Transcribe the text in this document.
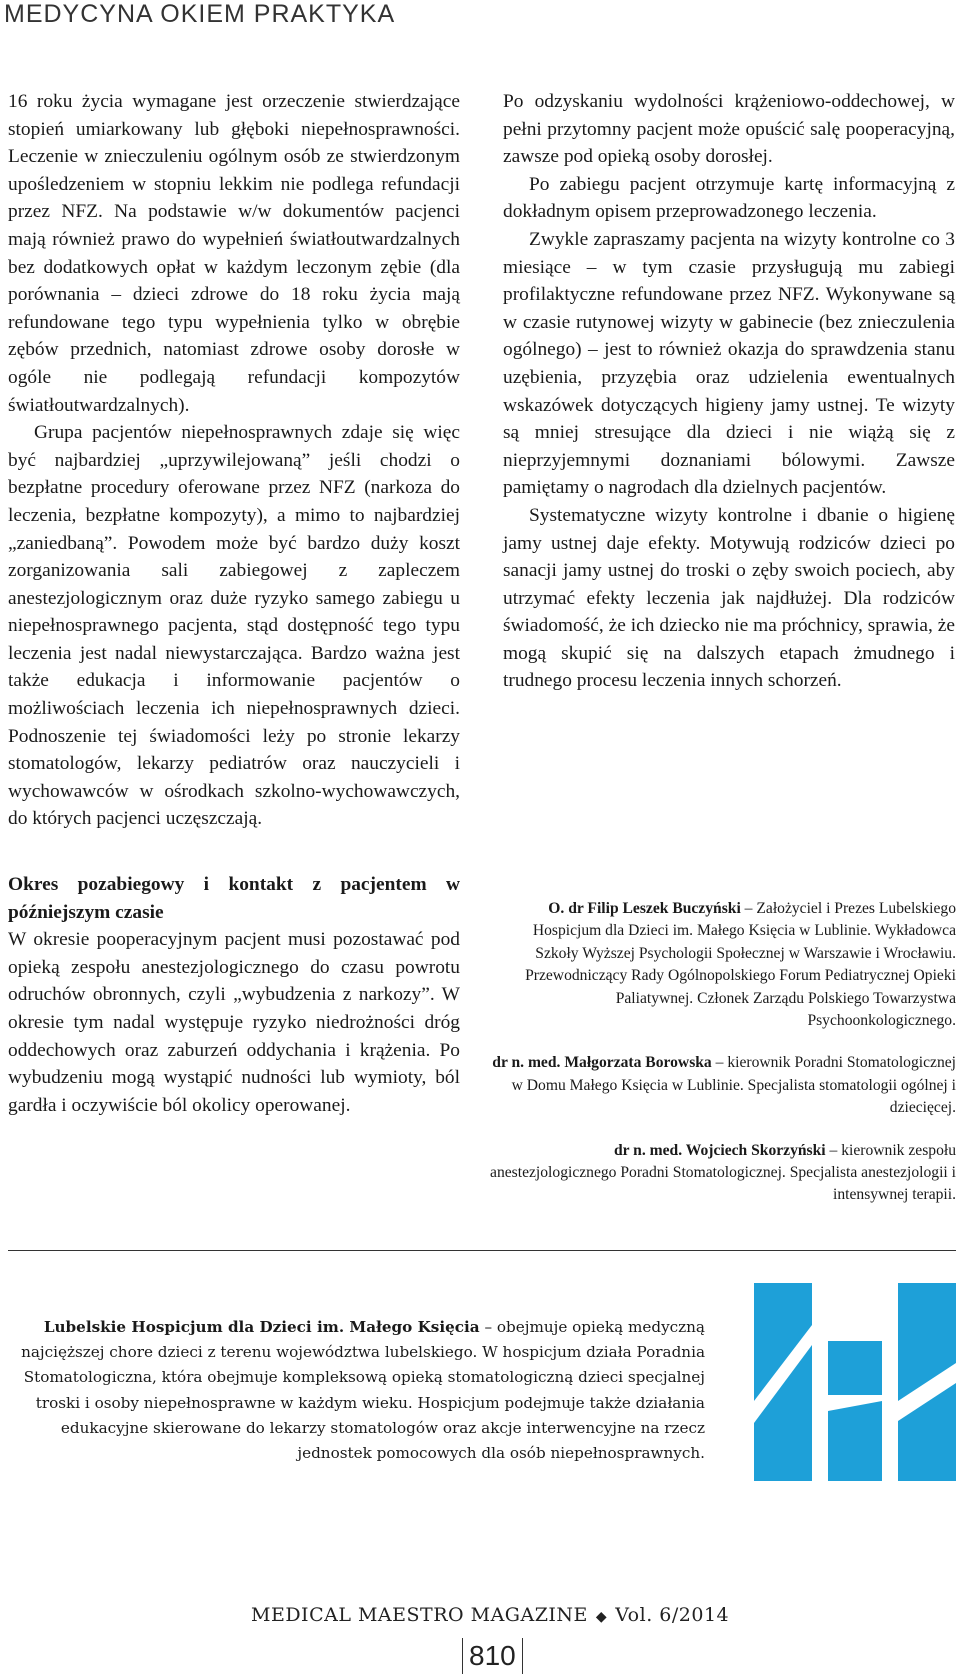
MEDYCYNA OKIEM PRAKTYKA

16 roku życia wymagane jest orzeczenie stwierdzające stopień umiarkowany lub głęboki niepełnosprawności. Leczenie w znieczuleniu ogólnym osób ze stwierdzonym upośledzeniem w stopniu lekkim nie podlega refundacji przez NFZ. Na podstawie w/w dokumentów pacjenci mają również prawo do wypełnień światłoutwardzalnych bez dodatkowych opłat w każdym leczonym zębie (dla porównania – dzieci zdrowe do 18 roku życia mają refundowane tego typu wypełnienia tylko w obrębie zębów przednich, natomiast zdrowe osoby dorosłe w ogóle nie podlegają refundacji kompozytów światłoutwardzalnych).

Grupa pacjentów niepełnosprawnych zdaje się więc być najbardziej „uprzywilejowaną” jeśli chodzi o bezpłatne procedury oferowane przez NFZ (narkoza do leczenia, bezpłatne kompozyty), a mimo to najbardziej „zaniedbaną”. Powodem może być bardzo duży koszt zorganizowania sali zabiegowej z zapleczem anestezjologicznym oraz duże ryzyko samego zabiegu u niepełnosprawnego pacjenta, stąd dostępność tego typu leczenia jest nadal niewystarczająca. Bardzo ważna jest także edukacja i informowanie pacjentów o możliwościach leczenia ich niepełnosprawnych dzieci. Podnoszenie tej świadomości leży po stronie lekarzy stomatologów, lekarzy pediatrów oraz nauczycieli i wychowawców w ośrodkach szkolno-wychowawczych, do których pacjenci uczęszczają.

Okres pozabiegowy i kontakt z pacjentem w późniejszym czasie

W okresie pooperacyjnym pacjent musi pozostawać pod opieką zespołu anestezjologicznego do czasu powrotu odruchów obronnych, czyli „wybudzenia z narkozy”. W okresie tym nadal występuje ryzyko niedrożności dróg oddechowych oraz zaburzeń oddychania i krążenia. Po wybudzeniu mogą wystąpić nudności lub wymioty, ból gardła i oczywiście ból okolicy operowanej.

Po odzyskaniu wydolności krążeniowo-oddechowej, w pełni przytomny pacjent może opuścić salę pooperacyjną, zawsze pod opieką osoby dorosłej.

Po zabiegu pacjent otrzymuje kartę informacyjną z dokładnym opisem przeprowadzonego leczenia.

Zwykle zapraszamy pacjenta na wizyty kontrolne co 3 miesiące – w tym czasie przysługują mu zabiegi profilaktyczne refundowane przez NFZ. Wykonywane są w czasie rutynowej wizyty w gabinecie (bez znieczulenia ogólnego) – jest to również okazja do sprawdzenia stanu uzębienia, przyzębia oraz udzielenia ewentualnych wskazówek dotyczących higieny jamy ustnej. Te wizyty są mniej stresujące dla dzieci i nie wiążą się z nieprzyjemnymi doznaniami bólowymi. Zawsze pamiętamy o nagrodach dla dzielnych pacjentów.

Systematyczne wizyty kontrolne i dbanie o higienę jamy ustnej daje efekty. Motywują rodziców dzieci po sanacji jamy ustnej do troski o zęby swoich pociech, aby utrzymać efekty leczenia jak najdłużej. Dla rodziców świadomość, że ich dziecko nie ma próchnicy, sprawia, że mogą skupić się na dalszych etapach żmudnego i trudnego procesu leczenia innych schorzeń.

O. dr Filip Leszek Buczyński – Założyciel i Prezes Lubelskiego Hospicjum dla Dzieci im. Małego Księcia w Lublinie. Wykładowca Szkoły Wyższej Psychologii Społecznej w Warszawie i Wrocławiu. Przewodniczący Rady Ogólnopolskiego Forum Pediatrycznej Opieki Paliatywnej. Członek Zarządu Polskiego Towarzystwa Psychoonkologicznego.

dr n. med. Małgorzata Borowska – kierownik Poradni Stomatologicznej w Domu Małego Księcia w Lublinie. Specjalista stomatologii ogólnej i dziecięcej.

dr n. med. Wojciech Skorzyński – kierownik zespołu anestezjologicznego Poradni Stomatologicznej. Specjalista anestezjologii i intensywnej terapii.

Lubelskie Hospicjum dla Dzieci im. Małego Księcia – obejmuje opieką medyczną najcięższej chore dzieci z terenu województwa lubelskiego. W hospicjum działa Poradnia Stomatologiczna, która obejmuje kompleksową opieką stomatologiczną dzieci specjalnej troski i osoby niepełnosprawne w każdym wieku. Hospicjum podejmuje także działania edukacyjne skierowane do lekarzy stomatologów oraz akcje interwencyjne na rzecz jednostek pomocowych dla osób niepełnosprawnych.
MEDICAL MAESTRO MAGAZINE ◆ Vol. 6/2014
810
